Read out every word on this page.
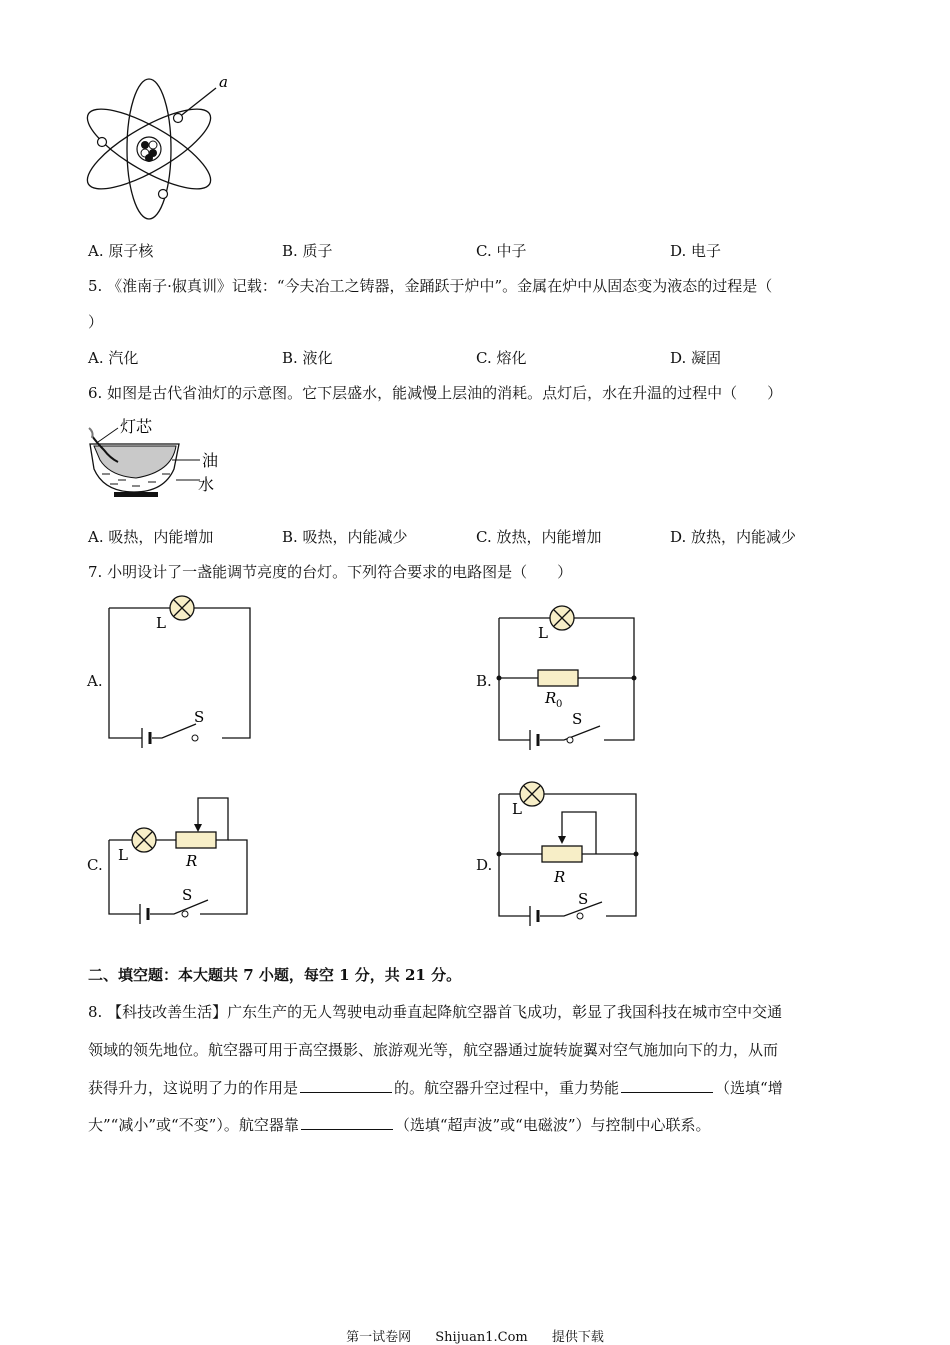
a
A. 原子核	B. 质子	C. 中子	D. 电子
5. 《淮南子·俶真训》记载：“今夫冶工之铸器，金踊跃于炉中”。金属在炉中从固态变为液态的过程是（
）
A. 汽化	B. 液化	C. 熔化	D. 凝固
6. 如图是古代省油灯的示意图。它下层盛水，能减慢上层油的消耗。点灯后，水在升温的过程中（　　）
灯芯
油
水
A. 吸热，内能增加	B. 吸热，内能减少	C. 放热，内能增加	D. 放热，内能减少
7. 小明设计了一盏能调节亮度的台灯。下列符合要求的电路图是（　　）
A.
L
S
B.
L
R 0
S
C.
L	R
S
D.
L
R
S
二、填空题：本大题共 7 小题，每空 1 分，共 21 分。
8. 【科技改善生活】广东生产的无人驾驶电动垂直起降航空器首飞成功，彰显了我国科技在城市空中交通
领域的领先地位。航空器可用于高空摄影、旅游观光等，航空器通过旋转旋翼对空气施加向下的力，从而
获得升力，这说明了力的作用是	的。航空器升空过程中，重力势能	（选填“增
大”“减小”或“不变”）。航空器靠	（选填“超声波”或“电磁波”）与控制中心联系。
第一试卷网 Shijuan1.Com 提供下载
